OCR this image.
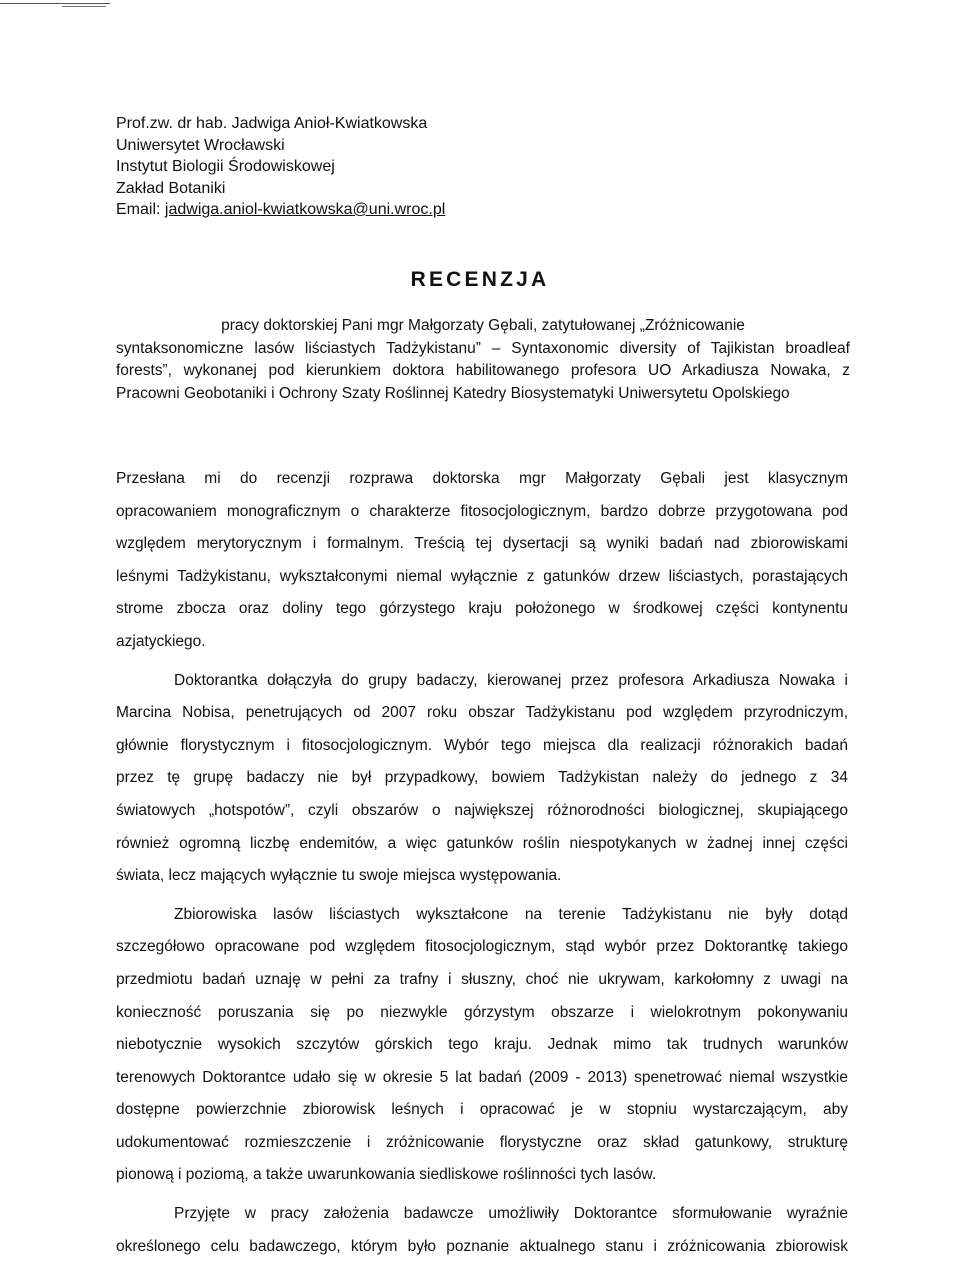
Prof.zw. dr hab. Jadwiga Anioł-Kwiatkowska
Uniwersytet Wrocławski
Instytut Biologii Środowiskowej
Zakład Botaniki
Email: jadwiga.aniol-kwiatkowska@uni.wroc.pl
RECENZJA
pracy doktorskiej Pani mgr Małgorzaty Gębali, zatytułowanej „Zróżnicowanie
syntaksonomiczne lasów liściastych Tadżykistanu” – Syntaxonomic diversity of Tajikistan broadleaf
forests”, wykonanej pod kierunkiem doktora habilitowanego profesora UO Arkadiusza Nowaka, z
Pracowni Geobotaniki i Ochrony Szaty Roślinnej Katedry Biosystematyki Uniwersytetu Opolskiego
Przesłana mi do recenzji rozprawa doktorska mgr Małgorzaty Gębali jest klasycznym
opracowaniem monograficznym o charakterze fitosocjologicznym, bardzo dobrze przygotowana pod
względem merytorycznym i formalnym. Treścią tej dysertacji są wyniki badań nad zbiorowiskami
leśnymi Tadżykistanu, wykształconymi niemal wyłącznie z gatunków drzew liściastych, porastających
strome zbocza oraz doliny tego górzystego kraju położonego w środkowej części kontynentu
azjatyckiego.
Doktorantka dołączyła do grupy badaczy, kierowanej przez profesora Arkadiusza Nowaka i
Marcina Nobisa, penetrujących od 2007 roku obszar Tadżykistanu pod względem przyrodniczym,
głównie florystycznym i fitosocjologicznym. Wybór tego miejsca dla realizacji różnorakich badań
przez tę grupę badaczy nie był przypadkowy, bowiem Tadżykistan należy do jednego z 34
światowych „hotspotów”, czyli obszarów o największej różnorodności biologicznej, skupiającego
również ogromną liczbę endemitów, a więc gatunków roślin niespotykanych w żadnej innej części
świata, lecz mających wyłącznie tu swoje miejsca występowania.
Zbiorowiska lasów liściastych wykształcone na terenie Tadżykistanu nie były dotąd
szczegółowo opracowane pod względem fitosocjologicznym, stąd wybór przez Doktorantkę takiego
przedmiotu badań uznaję w pełni za trafny i słuszny, choć nie ukrywam, karkołomny z uwagi na
konieczność poruszania się po niezwykle górzystym obszarze i wielokrotnym pokonywaniu
niebotycznie wysokich szczytów górskich tego kraju. Jednak mimo tak trudnych warunków
terenowych Doktorantce udało się w okresie 5 lat badań (2009 - 2013) spenetrować niemal wszystkie
dostępne powierzchnie zbiorowisk leśnych i opracować je w stopniu wystarczającym, aby
udokumentować rozmieszczenie i zróżnicowanie florystyczne oraz skład gatunkowy, strukturę
pionową i poziomą, a także uwarunkowania siedliskowe roślinności tych lasów.
Przyjęte w pracy założenia badawcze umożliwiły Doktorantce sformułowanie wyraźnie
określonego celu badawczego, którym było poznanie aktualnego stanu i zróżnicowania zbiorowisk
